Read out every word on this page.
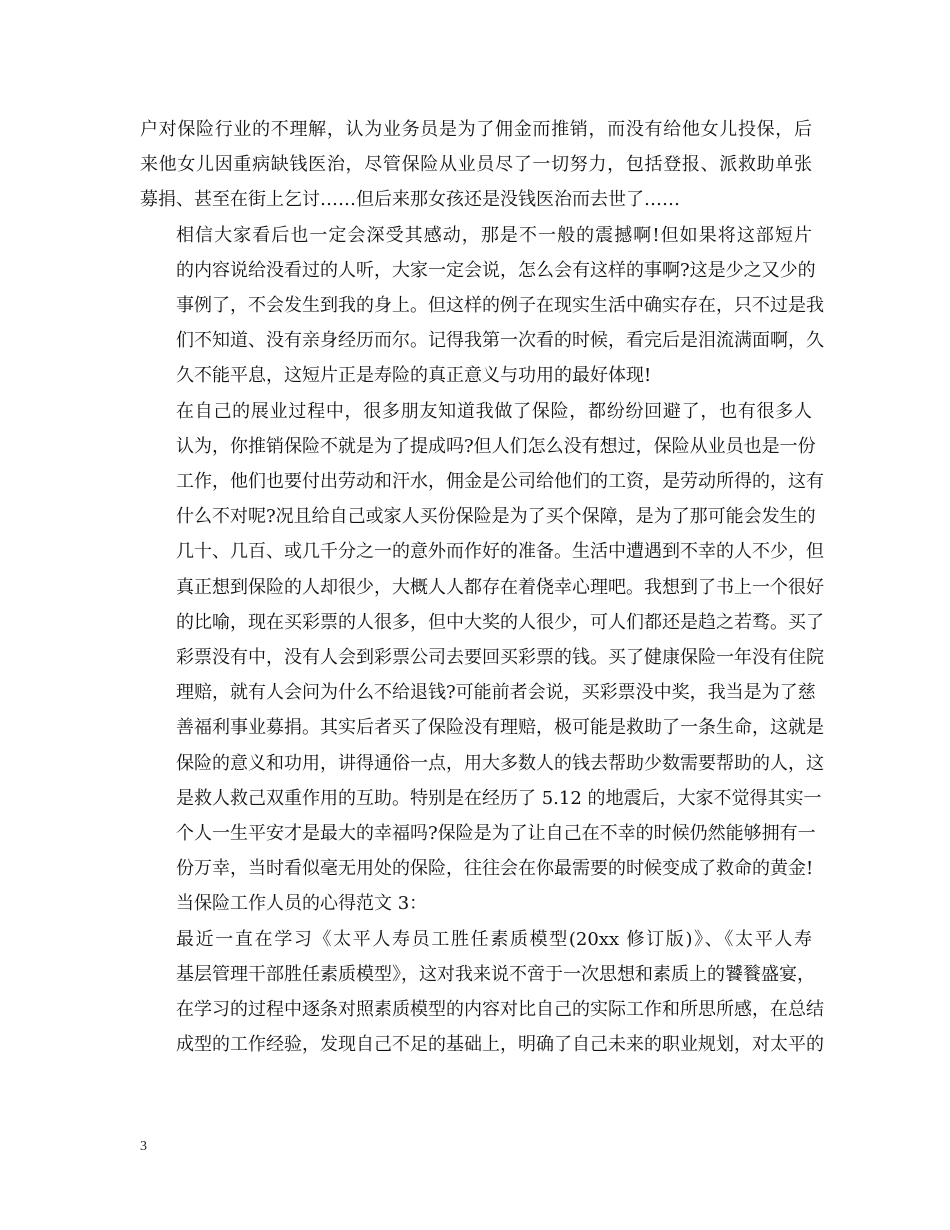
户对保险行业的不理解，认为业务员是为了佣金而推销，而没有给他女儿投保，后
来他女儿因重病缺钱医治，尽管保险从业员尽了一切努力，包括登报、派救助单张
募捐、甚至在街上乞讨……但后来那女孩还是没钱医治而去世了……
相信大家看后也一定会深受其感动，那是不一般的震撼啊!但如果将这部短片
的内容说给没看过的人听，大家一定会说，怎么会有这样的事啊?这是少之又少的
事例了，不会发生到我的身上。但这样的例子在现实生活中确实存在，只不过是我
们不知道、没有亲身经历而尔。记得我第一次看的时候，看完后是泪流满面啊，久
久不能平息，这短片正是寿险的真正意义与功用的最好体现!
在自己的展业过程中，很多朋友知道我做了保险，都纷纷回避了，也有很多人
认为，你推销保险不就是为了提成吗?但人们怎么没有想过，保险从业员也是一份
工作，他们也要付出劳动和汗水，佣金是公司给他们的工资，是劳动所得的，这有
什么不对呢?况且给自己或家人买份保险是为了买个保障，是为了那可能会发生的
几十、几百、或几千分之一的意外而作好的准备。生活中遭遇到不幸的人不少，但
真正想到保险的人却很少，大概人人都存在着侥幸心理吧。我想到了书上一个很好
的比喻，现在买彩票的人很多，但中大奖的人很少，可人们都还是趋之若骛。买了
彩票没有中，没有人会到彩票公司去要回买彩票的钱。买了健康保险一年没有住院
理赔，就有人会问为什么不给退钱?可能前者会说，买彩票没中奖，我当是为了慈
善福利事业募捐。其实后者买了保险没有理赔，极可能是救助了一条生命，这就是
保险的意义和功用，讲得通俗一点，用大多数人的钱去帮助少数需要帮助的人，这
是救人救己双重作用的互助。特别是在经历了 5.12 的地震后，大家不觉得其实一
个人一生平安才是最大的幸福吗?保险是为了让自己在不幸的时候仍然能够拥有一
份万幸，当时看似毫无用处的保险，往往会在你最需要的时候变成了救命的黄金!
当保险工作人员的心得范文 3：
最近一直在学习《太平人寿员工胜任素质模型(20xx 修订版)》、《太平人寿
基层管理干部胜任素质模型》，这对我来说不啻于一次思想和素质上的饕餮盛宴，
在学习的过程中逐条对照素质模型的内容对比自己的实际工作和所思所感，在总结
成型的工作经验，发现自己不足的基础上，明确了自己未来的职业规划，对太平的
3
